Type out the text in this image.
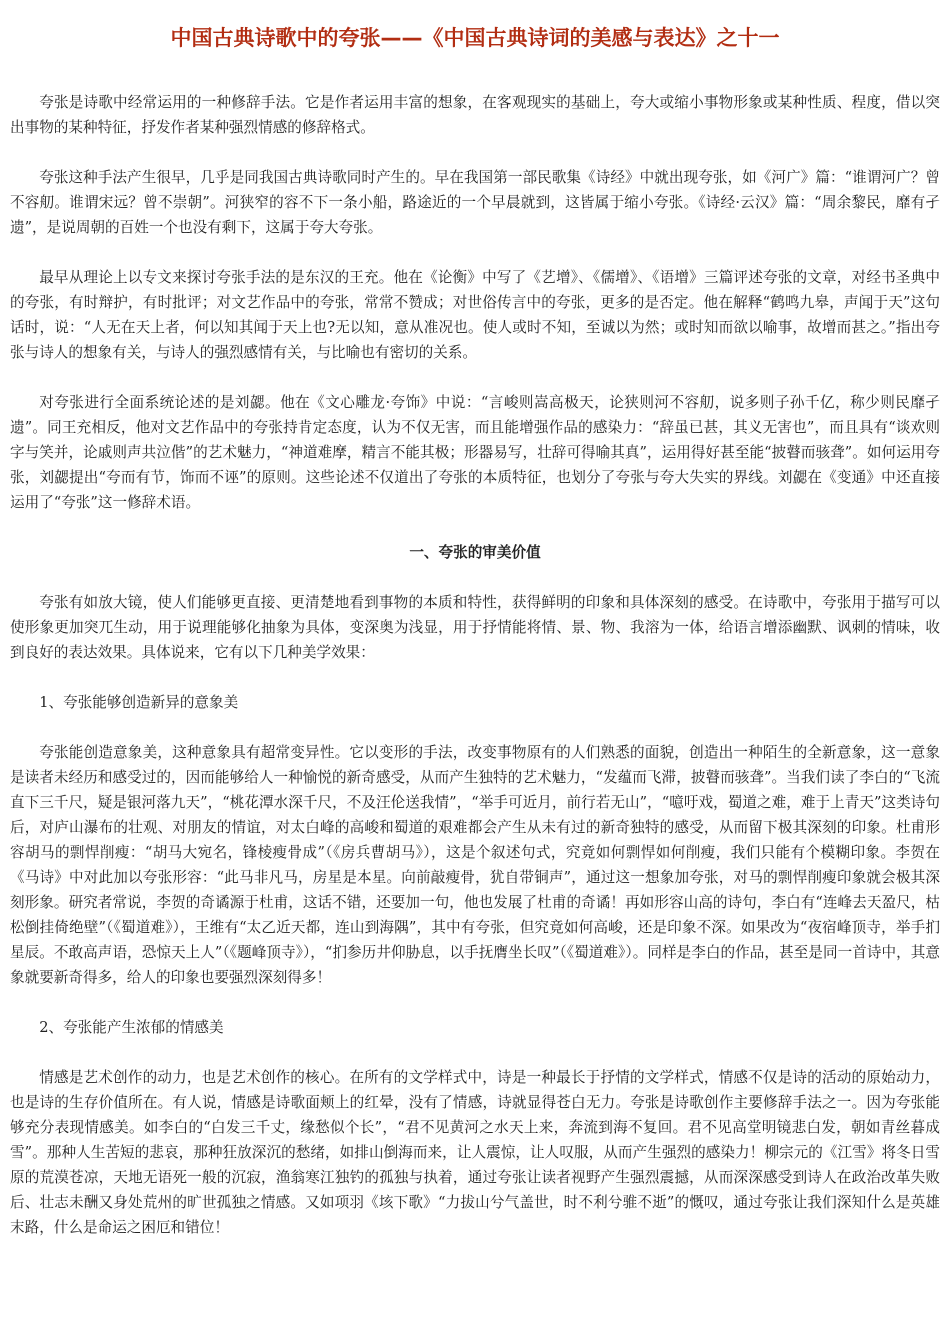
中国古典诗歌中的夸张——《中国古典诗词的美感与表达》之十一

夸张是诗歌中经常运用的一种修辞手法。它是作者运用丰富的想象，在客观现实的基础上，夸大或缩小事物形象或某种性质、程度，借以突出事物的某种特征，抒发作者某种强烈情感的修辞格式。

夸张这种手法产生很早，几乎是同我国古典诗歌同时产生的。早在我国第一部民歌集《诗经》中就出现夸张，如《河广》篇：“谁谓河广？曾不容舠。谁谓宋远？曾不崇朝”。河狭窄的容不下一条小船，路途近的一个早晨就到，这皆属于缩小夸张。《诗经·云汉》篇：“周余黎民，靡有孑遗”，是说周朝的百姓一个也没有剩下，这属于夸大夸张。

最早从理论上以专文来探讨夸张手法的是东汉的王充。他在《论衡》中写了《艺增》、《儒增》、《语增》三篇评述夸张的文章，对经书圣典中的夸张，有时辩护，有时批评；对文艺作品中的夸张，常常不赞成；对世俗传言中的夸张，更多的是否定。他在解释“鹤鸣九皋，声闻于天”这句话时，说：“人无在天上者，何以知其闻于天上也?无以知，意从准况也。使人或时不知，至诚以为然；或时知而欲以喻事，故增而甚之。”指出夸张与诗人的想象有关，与诗人的强烈感情有关，与比喻也有密切的关系。

对夸张进行全面系统论述的是刘勰。他在《文心雕龙·夸饰》中说：“言峻则嵩高极天，论狭则河不容舠，说多则子孙千亿，称少则民靡孑遗”。同王充相反，他对文艺作品中的夸张持肯定态度，认为不仅无害，而且能增强作品的感染力：“辞虽已甚，其义无害也”，而且具有“谈欢则字与笑并，论戚则声共泣偕”的艺术魅力，“神道难摩，精言不能其极；形器易写，壮辞可得喻其真”，运用得好甚至能“披瞽而骇聋”。如何运用夸张，刘勰提出“夸而有节，饰而不诬”的原则。这些论述不仅道出了夸张的本质特征，也划分了夸张与夸大失实的界线。刘勰在《变通》中还直接运用了“夸张”这一修辞术语。

一、夸张的审美价值

夸张有如放大镜，使人们能够更直接、更清楚地看到事物的本质和特性，获得鲜明的印象和具体深刻的感受。在诗歌中，夸张用于描写可以使形象更加突兀生动，用于说理能够化抽象为具体，变深奥为浅显，用于抒情能将情、景、物、我溶为一体，给语言增添幽默、讽刺的情味，收到良好的表达效果。具体说来，它有以下几种美学效果：

1、夸张能够创造新异的意象美

夸张能创造意象美，这种意象具有超常变异性。它以变形的手法，改变事物原有的人们熟悉的面貌，创造出一种陌生的全新意象，这一意象是读者未经历和感受过的，因而能够给人一种愉悦的新奇感受，从而产生独特的艺术魅力，“发蕴而飞滞，披瞽而骇聋”。当我们读了李白的“飞流直下三千尺，疑是银河落九天”，“桃花潭水深千尺，不及汪伦送我情”，“举手可近月，前行若无山”，“噫吁戏，蜀道之难，难于上青天”这类诗句后，对庐山瀑布的壮观、对朋友的情谊，对太白峰的高峻和蜀道的艰难都会产生从未有过的新奇独特的感受，从而留下极其深刻的印象。杜甫形容胡马的剽悍削瘦：“胡马大宛名，锋棱瘦骨成”（《房兵曹胡马》），这是个叙述句式，究竟如何剽悍如何削瘦，我们只能有个模糊印象。李贺在《马诗》中对此加以夸张形容：“此马非凡马，房星是本星。向前敲瘦骨，犹自带铜声”，通过这一想象加夸张，对马的剽悍削瘦印象就会极其深刻形象。研究者常说，李贺的奇谲源于杜甫，这话不错，还要加一句，他也发展了杜甫的奇谲！再如形容山高的诗句，李白有“连峰去天盈尺，枯松倒挂倚绝壁”（《蜀道难》），王维有“太乙近天都，连山到海隅”，其中有夸张，但究竟如何高峻，还是印象不深。如果改为“夜宿峰顶寺，举手扪星辰。不敢高声语，恐惊天上人”（《题峰顶寺》），“扪参历井仰胁息，以手抚膺坐长叹”（《蜀道难》）。同样是李白的作品，甚至是同一首诗中，其意象就要新奇得多，给人的印象也要强烈深刻得多！

2、夸张能产生浓郁的情感美

情感是艺术创作的动力，也是艺术创作的核心。在所有的文学样式中，诗是一种最长于抒情的文学样式，情感不仅是诗的活动的原始动力，也是诗的生存价值所在。有人说，情感是诗歌面颊上的红晕，没有了情感，诗就显得苍白无力。夸张是诗歌创作主要修辞手法之一。因为夸张能够充分表现情感美。如李白的“白发三千丈，缘愁似个长”，“君不见黄河之水天上来，奔流到海不复回。君不见高堂明镜悲白发，朝如青丝暮成雪”。那种人生苦短的悲哀，那种狂放深沉的愁绪，如排山倒海而来，让人震惊，让人叹服，从而产生强烈的感染力！柳宗元的《江雪》将冬日雪原的荒漠苍凉，天地无语死一般的沉寂，渔翁寒江独钓的孤独与执着，通过夸张让读者视野产生强烈震撼，从而深深感受到诗人在政治改革失败后、壮志未酬又身处荒州的旷世孤独之情感。又如项羽《垓下歌》“力拔山兮气盖世，时不利兮骓不逝”的慨叹，通过夸张让我们深知什么是英雄末路，什么是命运之困厄和错位！
